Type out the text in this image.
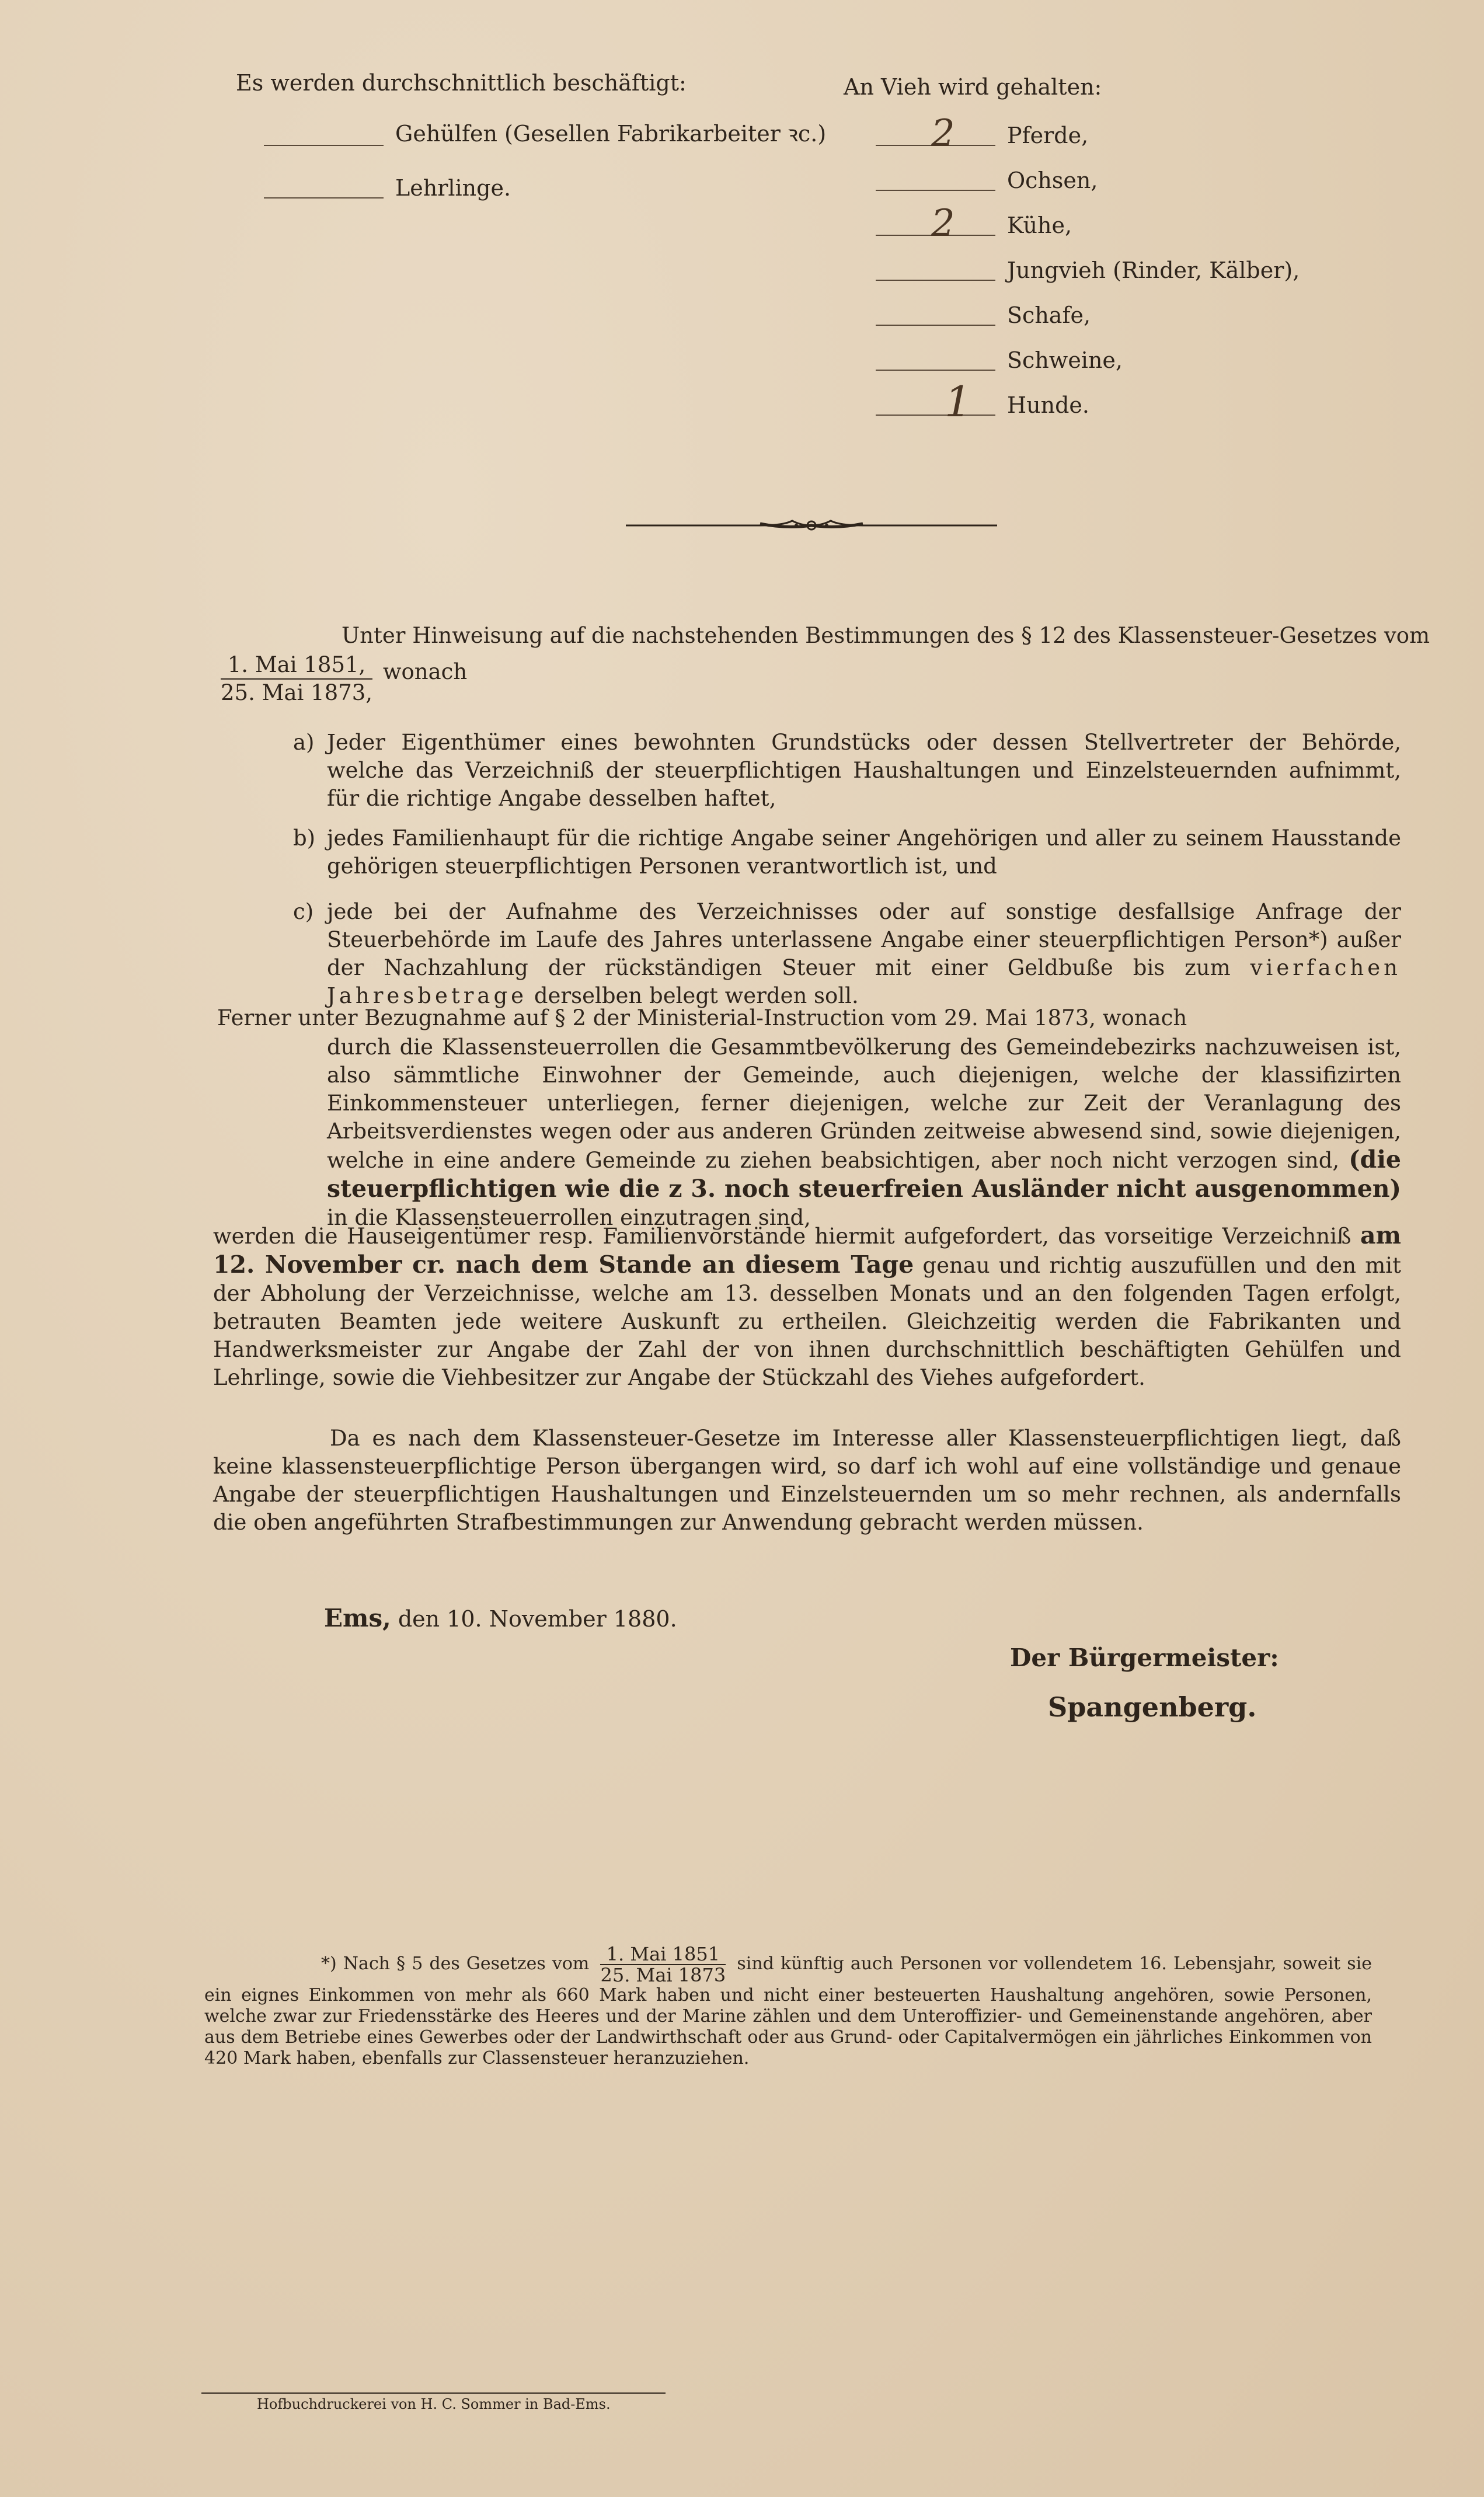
Es werden durchschnittlich beschäftigt:
Gehülfen (Gesellen Fabrikarbeiter ꝛc.)
Lehrlinge.
An Vieh wird gehalten:
2 Pferde,
Ochsen,
2 Kühe,
Jungvieh (Rinder, Kälber),
Schafe,
Schweine,
1 Hunde.
Unter Hinweisung auf die nachstehenden Bestimmungen des § 12 des Klassensteuer-Gesetzes vom
$\frac{\text{1. Mai 1851,}}{\text{25. Mai 1873,}}$ wonach
a) Jeder Eigenthümer eines bewohnten Grundstücks oder dessen Stellvertreter der Behörde, welche das Verzeichniß der steuerpflichtigen Haushaltungen und Einzelsteuernden aufnimmt, für die richtige Angabe desselben haftet,
b) jedes Familienhaupt für die richtige Angabe seiner Angehörigen und aller zu seinem Hausstande gehörigen steuerpflichtigen Personen verantwortlich ist, und
c) jede bei der Aufnahme des Verzeichnisses oder auf sonstige desfallsige Anfrage der Steuerbehörde im Laufe des Jahres unterlassene Angabe einer steuerpflichtigen Person*) außer der Nachzahlung der rückständigen Steuer mit einer Geldbuße bis zum vierfachen Jahresbetrage derselben belegt werden soll.
Ferner unter Bezugnahme auf § 2 der Ministerial-Instruction vom 29. Mai 1873, wonach
durch die Klassensteuerrollen die Gesammtbevölkerung des Gemeindebezirks nachzuweisen ist, also sämmtliche Einwohner der Gemeinde, auch diejenigen, welche der klassifizirten Einkommensteuer unterliegen, ferner diejenigen, welche zur Zeit der Veranlagung des Arbeitsverdienstes wegen oder aus anderen Gründen zeitweise abwesend sind, sowie diejenigen, welche in eine andere Gemeinde zu ziehen beabsichtigen, aber noch nicht verzogen sind, (die steuerpflichtigen wie die z 3. noch steuerfreien Ausländer nicht ausgenommen) in die Klassensteuerrollen einzutragen sind,
werden die Hauseigentümer resp. Familienvorstände hiermit aufgefordert, das vorseitige Verzeichniß am 12. November cr. nach dem Stande an diesem Tage genau und richtig auszufüllen und den mit der Abholung der Verzeichnisse, welche am 13. desselben Monats und an den folgenden Tagen erfolgt, betrauten Beamten jede weitere Auskunft zu ertheilen. Gleichzeitig werden die Fabrikanten und Handwerksmeister zur Angabe der Zahl der von ihnen durchschnittlich beschäftigten Gehülfen und Lehrlinge, sowie die Viehbesitzer zur Angabe der Stückzahl des Viehes aufgefordert.
Da es nach dem Klassensteuer-Gesetze im Interesse aller Klassensteuerpflichtigen liegt, daß keine klassensteuerpflichtige Person übergangen wird, so darf ich wohl auf eine vollständige und genaue Angabe der steuerpflichtigen Haushaltungen und Einzelsteuernden um so mehr rechnen, als andernfalls die oben angeführten Strafbestimmungen zur Anwendung gebracht werden müssen.
Ems, den 10. November 1880.
Der Bürgermeister:
Spangenberg.
*) Nach § 5 des Gesetzes vom $\frac{\text{1. Mai 1851}}{\text{25. Mai 1873}}$ sind künftig auch Personen vor vollendetem 16. Lebensjahr, soweit sie ein eignes Einkommen von mehr als 660 Mark haben und nicht einer besteuerten Haushaltung angehören, sowie Personen, welche zwar zur Friedensstärke des Heeres und der Marine zählen und dem Unteroffizier- und Gemeinenstande angehören, aber aus dem Betriebe eines Gewerbes oder der Landwirthschaft oder aus Grund- oder Capitalvermögen ein jährliches Einkommen von 420 Mark haben, ebenfalls zur Classensteuer heranzuziehen.
Hofbuchdruckerei von H. C. Sommer in Bad-Ems.
